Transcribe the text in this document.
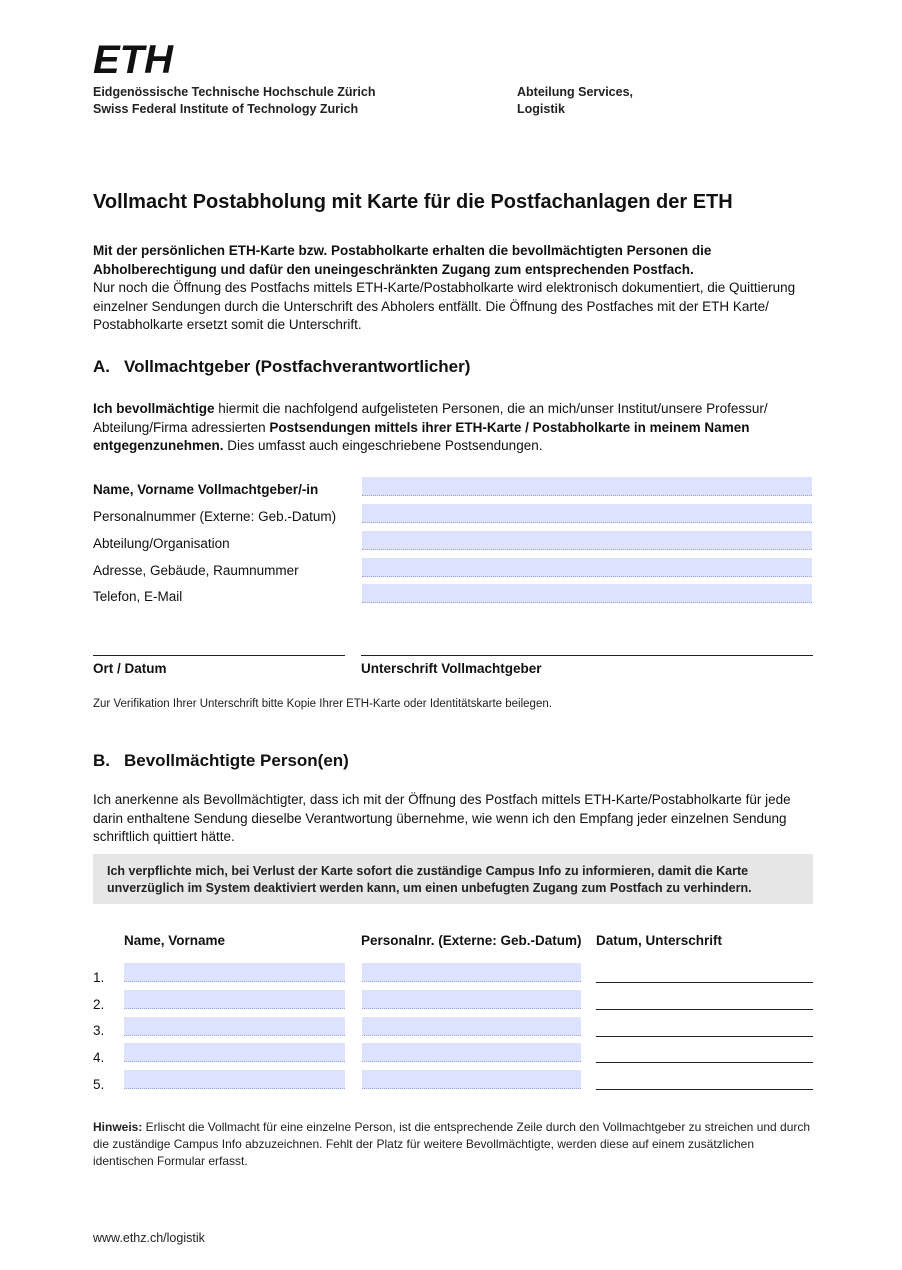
ETH
Eidgenössische Technische Hochschule Zürich
Swiss Federal Institute of Technology Zurich
Abteilung Services,
Logistik
Vollmacht Postabholung mit Karte für die Postfachanlagen der ETH
Mit der persönlichen ETH-Karte bzw. Postabholkarte erhalten die bevollmächtigten Personen die Abholberechtigung und dafür den uneingeschränkten Zugang zum entsprechenden Postfach.
Nur noch die Öffnung des Postfachs mittels ETH-Karte/Postabholkarte wird elektronisch dokumentiert, die Quittierung einzelner Sendungen durch die Unterschrift des Abholers entfällt. Die Öffnung des Postfaches mit der ETH Karte/ Postabholkarte ersetzt somit die Unterschrift.
A. Vollmachtgeber (Postfachverantwortlicher)
Ich bevollmächtige hiermit die nachfolgend aufgelisteten Personen, die an mich/unser Institut/unsere Professur/ Abteilung/Firma adressierten Postsendungen mittels ihrer ETH-Karte / Postabholkarte in meinem Namen entgegenzunehmen. Dies umfasst auch eingeschriebene Postsendungen.
Name, Vorname Vollmachtgeber/-in
Personalnummer (Externe: Geb.-Datum)
Abteilung/Organisation
Adresse, Gebäude, Raumnummer
Telefon, E-Mail
Ort / Datum	Unterschrift Vollmachtgeber
Zur Verifikation Ihrer Unterschrift bitte Kopie Ihrer ETH-Karte oder Identitätskarte beilegen.
B. Bevollmächtigte Person(en)
Ich anerkenne als Bevollmächtigter, dass ich mit der Öffnung des Postfach mittels ETH-Karte/Postabholkarte für jede darin enthaltene Sendung dieselbe Verantwortung übernehme, wie wenn ich den Empfang jeder einzelnen Sendung schriftlich quittiert hätte.
Ich verpflichte mich, bei Verlust der Karte sofort die zuständige Campus Info zu informieren, damit die Karte unverzüglich im System deaktiviert werden kann, um einen unbefugten Zugang zum Postfach zu verhindern.
Name, Vorname	Personalnr. (Externe: Geb.-Datum) Datum, Unterschrift
1.
2.
3.
4.
5.
Hinweis: Erlischt die Vollmacht für eine einzelne Person, ist die entsprechende Zeile durch den Vollmachtgeber zu streichen und durch die zuständige Campus Info abzuzeichnen. Fehlt der Platz für weitere Bevollmächtigte, werden diese auf einem zusätzlichen identischen Formular erfasst.
www.ethz.ch/logistik
